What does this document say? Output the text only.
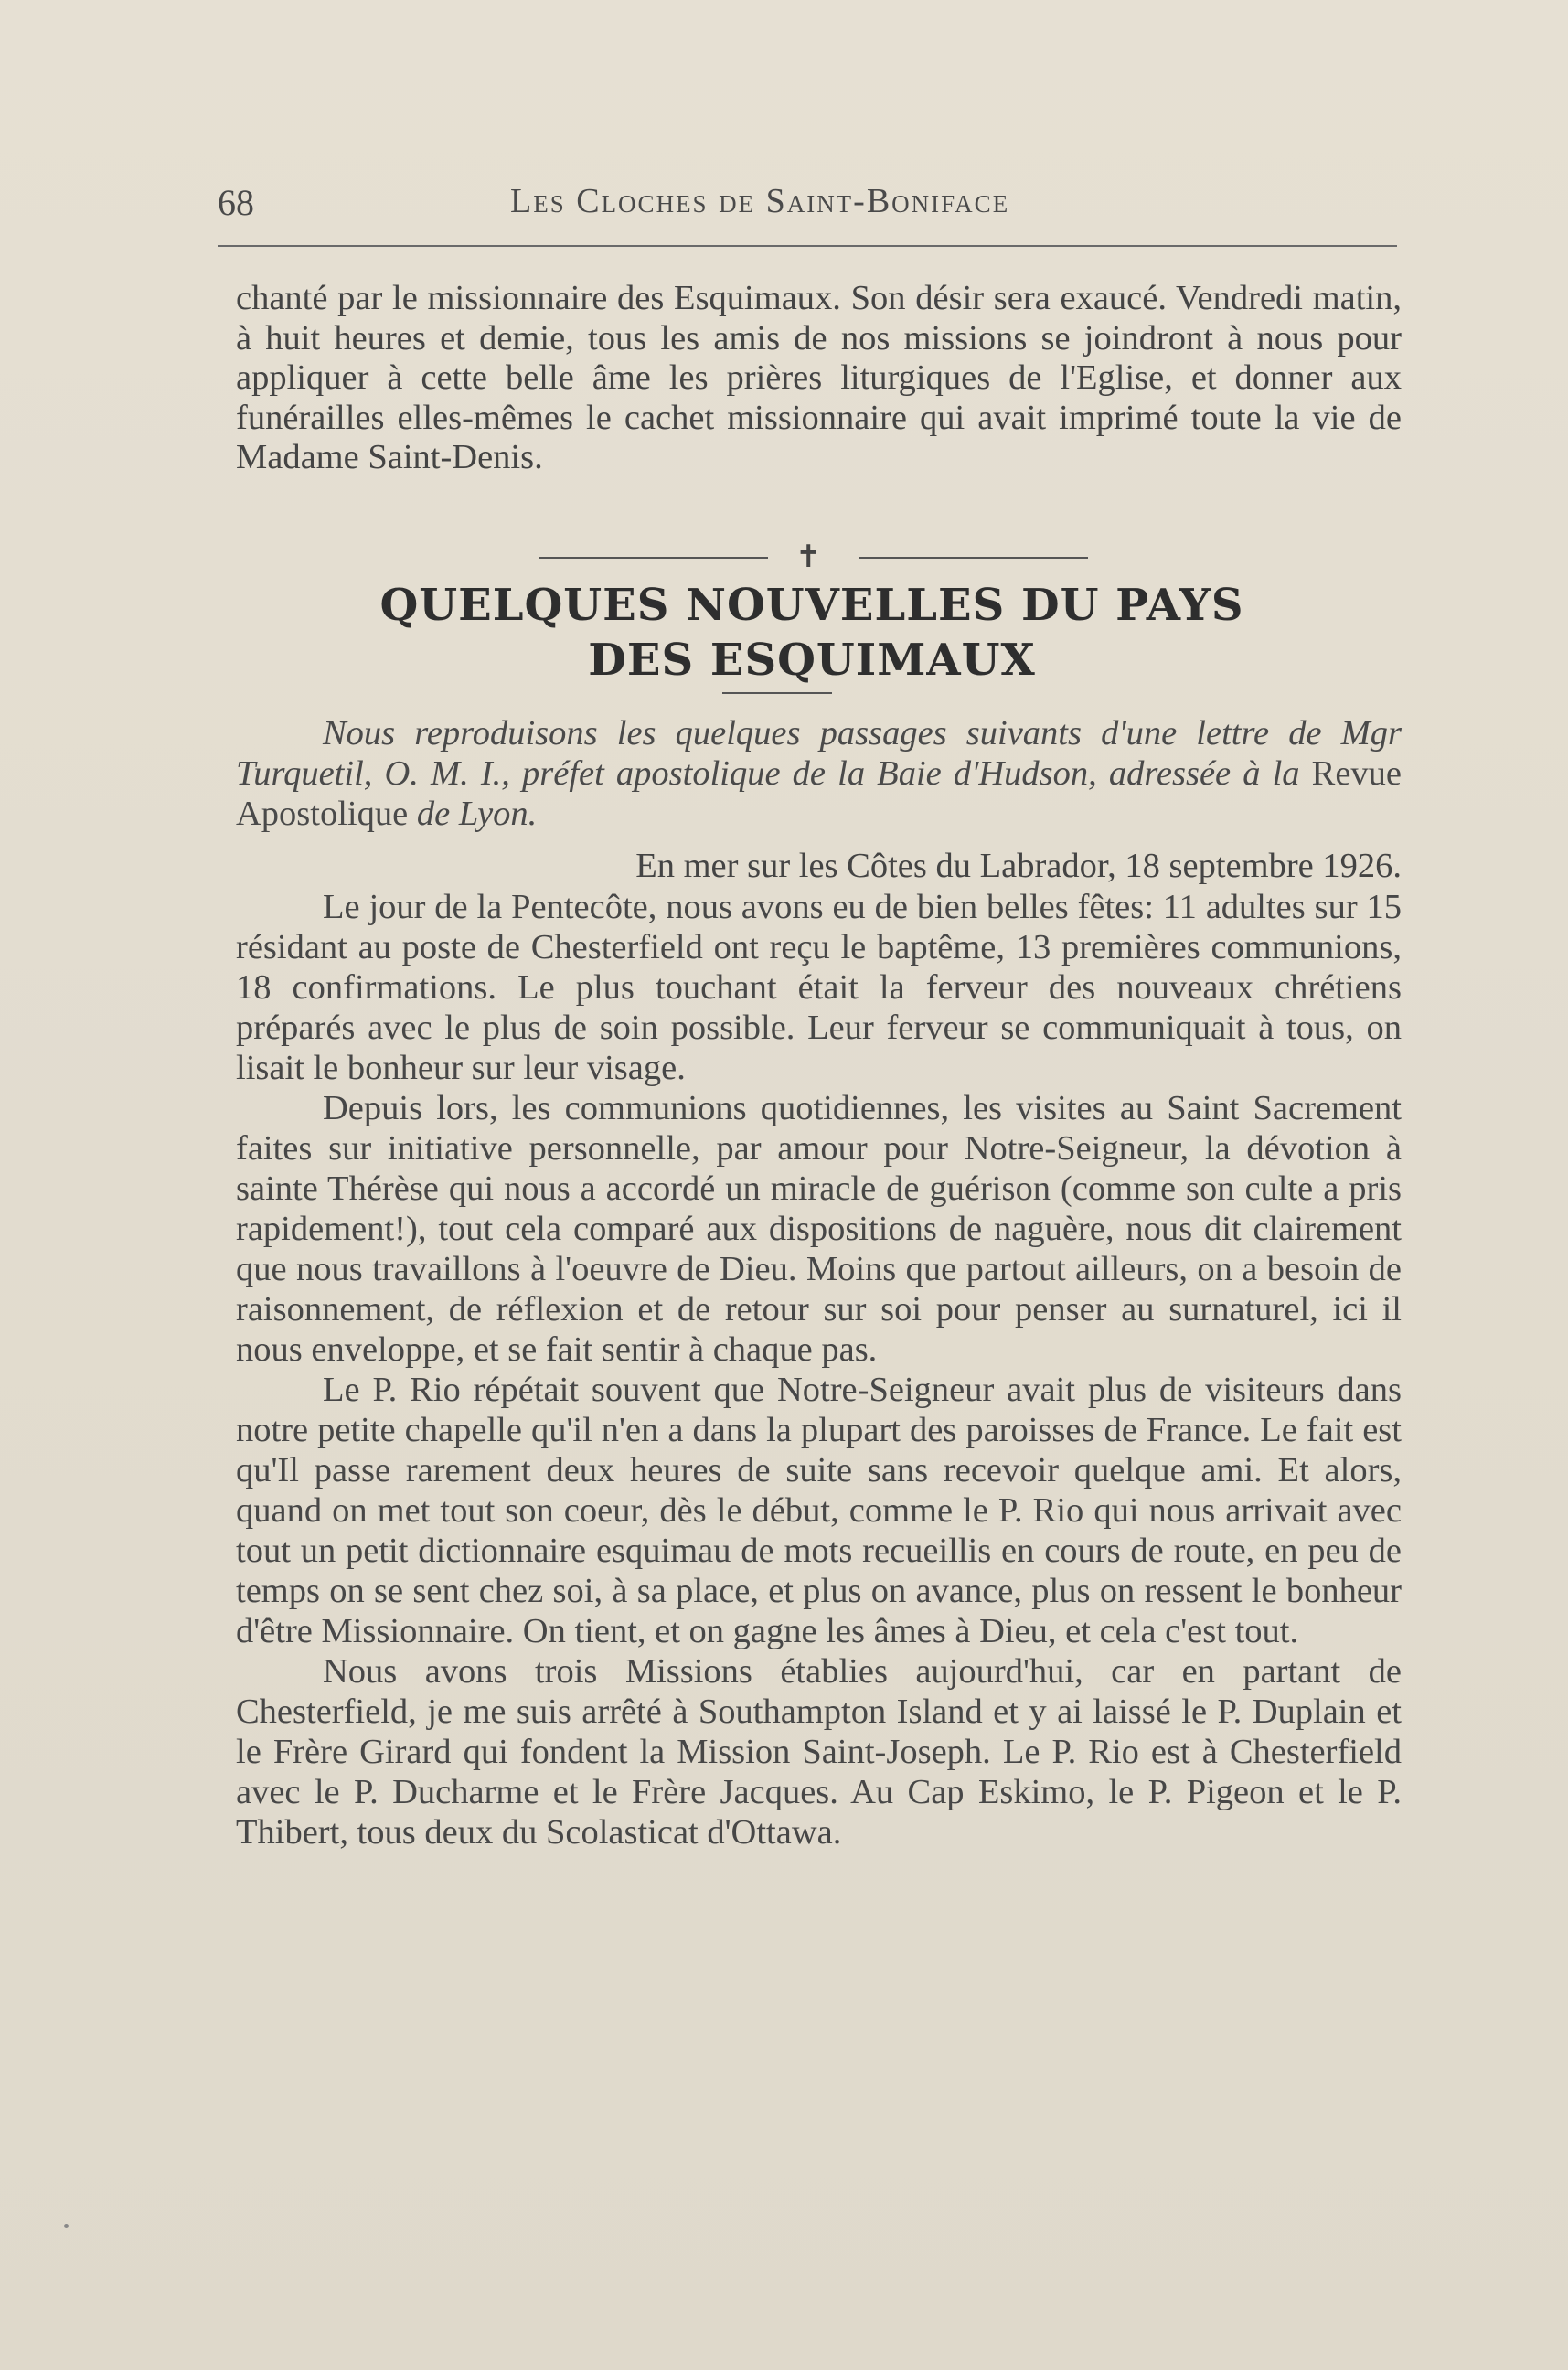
68	Les Cloches de Saint-Boniface

chanté par le missionnaire des Esquimaux. Son désir sera exaucé. Vendredi matin, à huit heures et demie, tous les amis de nos missions se joindront à nous pour appliquer à cette belle âme les prières liturgiques de l'Eglise, et donner aux funérailles elles-mêmes le cachet missionnaire qui avait imprimé toute la vie de Madame Saint-Denis.

✝
QUELQUES NOUVELLES DU PAYS
DES ESQUIMAUX

Nous reproduisons les quelques passages suivants d'une lettre de Mgr Turquetil, O. M. I., préfet apostolique de la Baie d'Hudson, adressée à la Revue Apostolique de Lyon.

En mer sur les Côtes du Labrador, 18 septembre 1926.

Le jour de la Pentecôte, nous avons eu de bien belles fêtes: 11 adultes sur 15 résidant au poste de Chesterfield ont reçu le baptême, 13 premières communions, 18 confirmations. Le plus touchant était la ferveur des nouveaux chrétiens préparés avec le plus de soin possible. Leur ferveur se communiquait à tous, on lisait le bonheur sur leur visage.

Depuis lors, les communions quotidiennes, les visites au Saint Sacrement faites sur initiative personnelle, par amour pour Notre-Seigneur, la dévotion à sainte Thérèse qui nous a accordé un miracle de guérison (comme son culte a pris rapidement!), tout cela comparé aux dispositions de naguère, nous dit clairement que nous travaillons à l'oeuvre de Dieu. Moins que partout ailleurs, on a besoin de raisonnement, de réflexion et de retour sur soi pour penser au surnaturel, ici il nous enveloppe, et se fait sentir à chaque pas.

Le P. Rio répétait souvent que Notre-Seigneur avait plus de visiteurs dans notre petite chapelle qu'il n'en a dans la plupart des paroisses de France. Le fait est qu'Il passe rarement deux heures de suite sans recevoir quelque ami. Et alors, quand on met tout son coeur, dès le début, comme le P. Rio qui nous arrivait avec tout un petit dictionnaire esquimau de mots recueillis en cours de route, en peu de temps on se sent chez soi, à sa place, et plus on avance, plus on ressent le bonheur d'être Missionnaire. On tient, et on gagne les âmes à Dieu, et cela c'est tout.

Nous avons trois Missions établies aujourd'hui, car en partant de Chesterfield, je me suis arrêté à Southampton Island et y ai laissé le P. Duplain et le Frère Girard qui fondent la Mission Saint-Joseph. Le P. Rio est à Chesterfield avec le P. Ducharme et le Frère Jacques. Au Cap Eskimo, le P. Pigeon et le P. Thibert, tous deux du Scolasticat d'Ottawa.
